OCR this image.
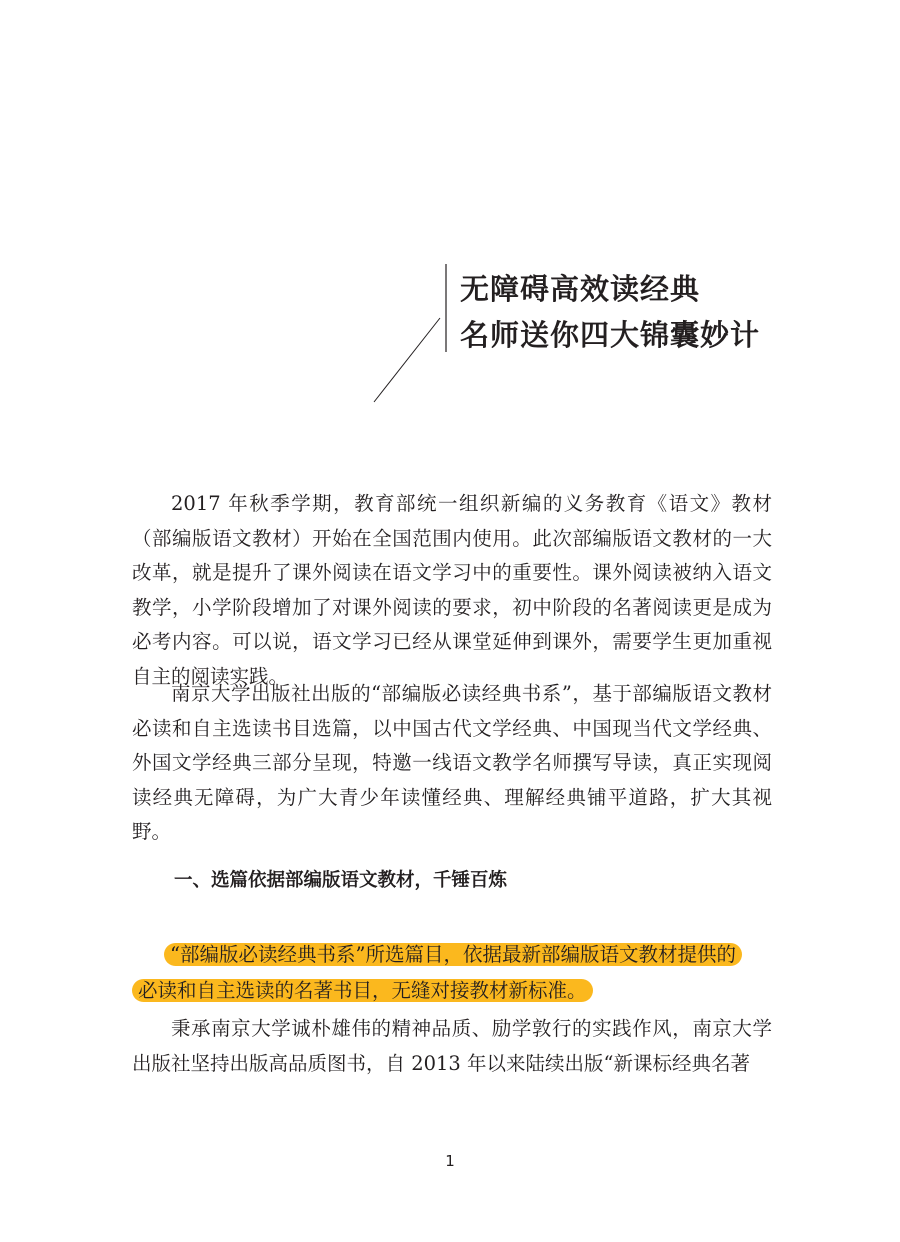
无障碍高效读经典
名师送你四大锦囊妙计

2017 年秋季学期，教育部统一组织新编的义务教育《语文》教材（部编版语文教材）开始在全国范围内使用。此次部编版语文教材的一大改革，就是提升了课外阅读在语文学习中的重要性。课外阅读被纳入语文教学，小学阶段增加了对课外阅读的要求，初中阶段的名著阅读更是成为必考内容。可以说，语文学习已经从课堂延伸到课外，需要学生更加重视自主的阅读实践。

南京大学出版社出版的“部编版必读经典书系”，基于部编版语文教材必读和自主选读书目选篇，以中国古代文学经典、中国现当代文学经典、外国文学经典三部分呈现，特邀一线语文教学名师撰写导读，真正实现阅读经典无障碍，为广大青少年读懂经典、理解经典铺平道路，扩大其视野。

一、选篇依据部编版语文教材，千锤百炼
“部编版必读经典书系”所选篇目，依据最新部编版语文教材提供的
必读和自主选读的名著书目，无缝对接教材新标准。

秉承南京大学诚朴雄伟的精神品质、励学敦行的实践作风，南京大学出版社坚持出版高品质图书，自 2013 年以来陆续出版“新课标经典名著

1
